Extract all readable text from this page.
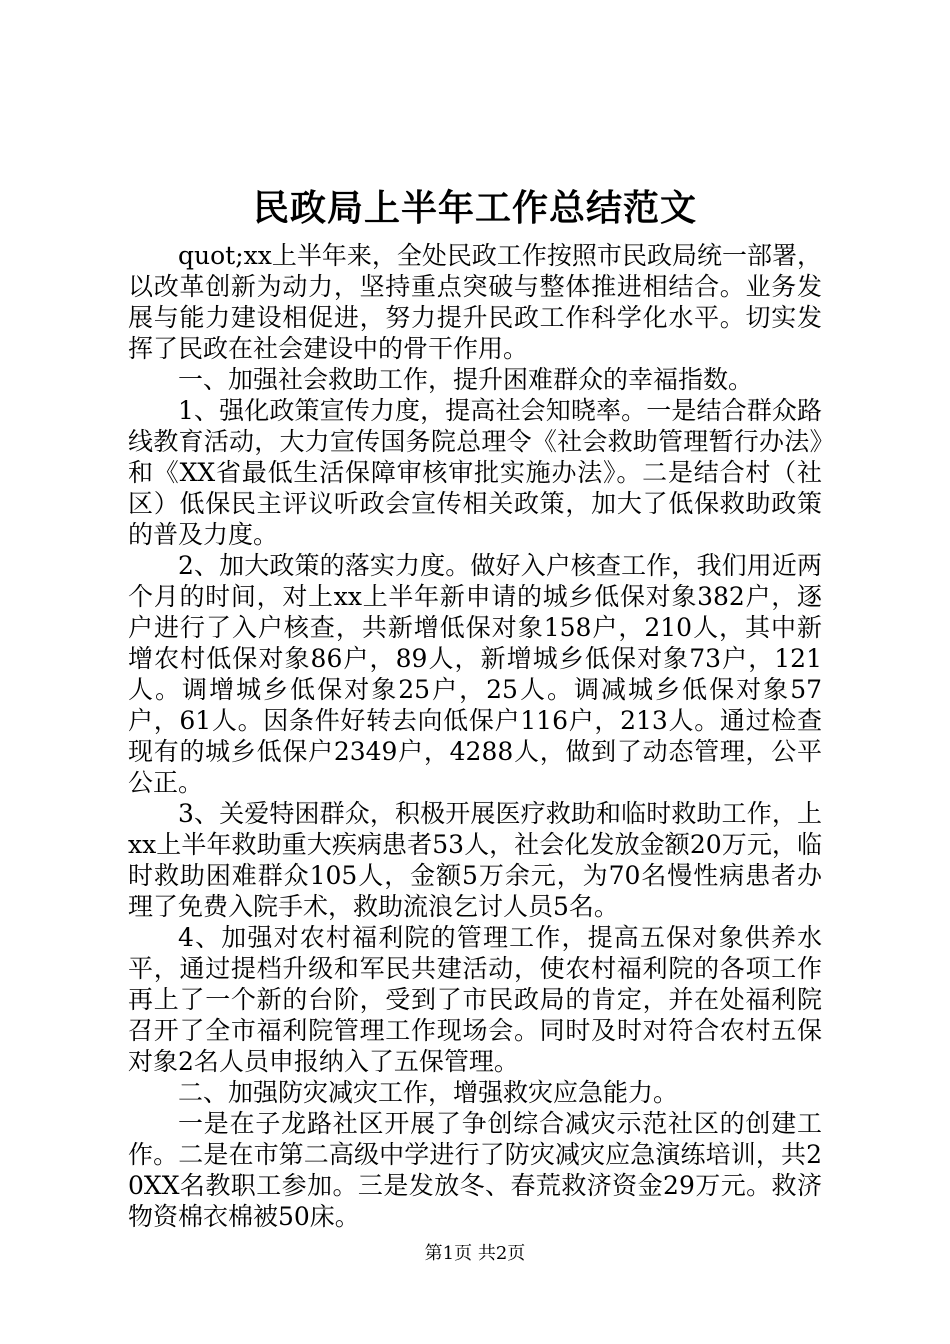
民政局上半年工作总结范文

quot;xx上半年来，全处民政工作按照市民政局统一部署，以改革创新为动力，坚持重点突破与整体推进相结合。业务发展与能力建设相促进，努力提升民政工作科学化水平。切实发挥了民政在社会建设中的骨干作用。

一、加强社会救助工作，提升困难群众的幸福指数。

1、强化政策宣传力度，提高社会知晓率。一是结合群众路线教育活动，大力宣传国务院总理令《社会救助管理暂行办法》和《XX省最低生活保障审核审批实施办法》。二是结合村（社区）低保民主评议听政会宣传相关政策，加大了低保救助政策的普及力度。

2、加大政策的落实力度。做好入户核查工作，我们用近两个月的时间，对上xx上半年新申请的城乡低保对象382户，逐户进行了入户核查，共新增低保对象158户，210人，其中新增农村低保对象86户，89人，新增城乡低保对象73户，121人。调增城乡低保对象25户，25人。调减城乡低保对象57户，61人。因条件好转去向低保户116户，213人。通过检查现有的城乡低保户2349户，4288人，做到了动态管理，公平公正。

3、关爱特困群众，积极开展医疗救助和临时救助工作，上xx上半年救助重大疾病患者53人，社会化发放金额20万元，临时救助困难群众105人，金额5万余元，为70名慢性病患者办理了免费入院手术，救助流浪乞讨人员5名。

4、加强对农村福利院的管理工作，提高五保对象供养水平，通过提档升级和军民共建活动，使农村福利院的各项工作再上了一个新的台阶，受到了市民政局的肯定，并在处福利院召开了全市福利院管理工作现场会。同时及时对符合农村五保对象2名人员申报纳入了五保管理。

二、加强防灾减灾工作，增强救灾应急能力。

一是在子龙路社区开展了争创综合减灾示范社区的创建工作。二是在市第二高级中学进行了防灾减灾应急演练培训，共20XX名教职工参加。三是发放冬、春荒救济资金29万元。救济物资棉衣棉被50床。

第1页 共2页
